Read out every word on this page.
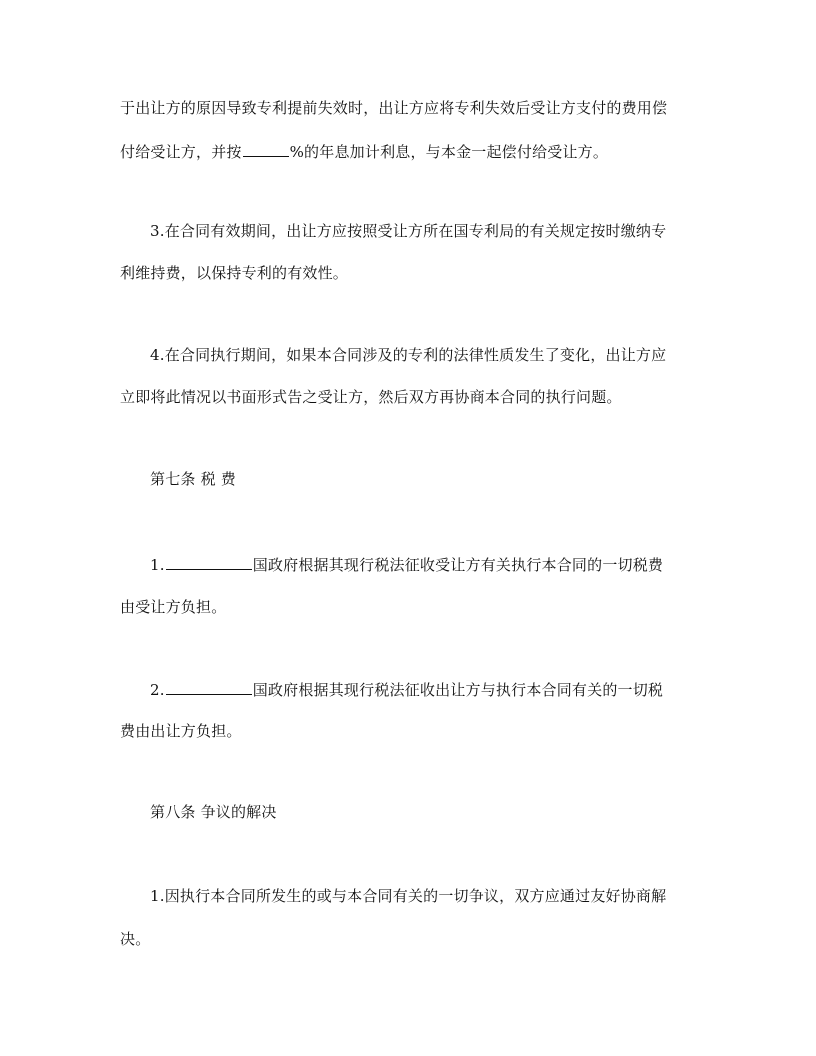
于出让方的原因导致专利提前失效时，出让方应将专利失效后受让方支付的费用偿
付给受让方，并按	%的年息加计利息，与本金一起偿付给受让方。
3.在合同有效期间，出让方应按照受让方所在国专利局的有关规定按时缴纳专
利维持费，以保持专利的有效性。
4.在合同执行期间，如果本合同涉及的专利的法律性质发生了变化，出让方应
立即将此情况以书面形式告之受让方，然后双方再协商本合同的执行问题。
第七条 税 费
1.	国政府根据其现行税法征收受让方有关执行本合同的一切税费
由受让方负担。
2.	国政府根据其现行税法征收出让方与执行本合同有关的一切税
费由出让方负担。
第八条 争议的解决
1.因执行本合同所发生的或与本合同有关的一切争议，双方应通过友好协商解
决。
